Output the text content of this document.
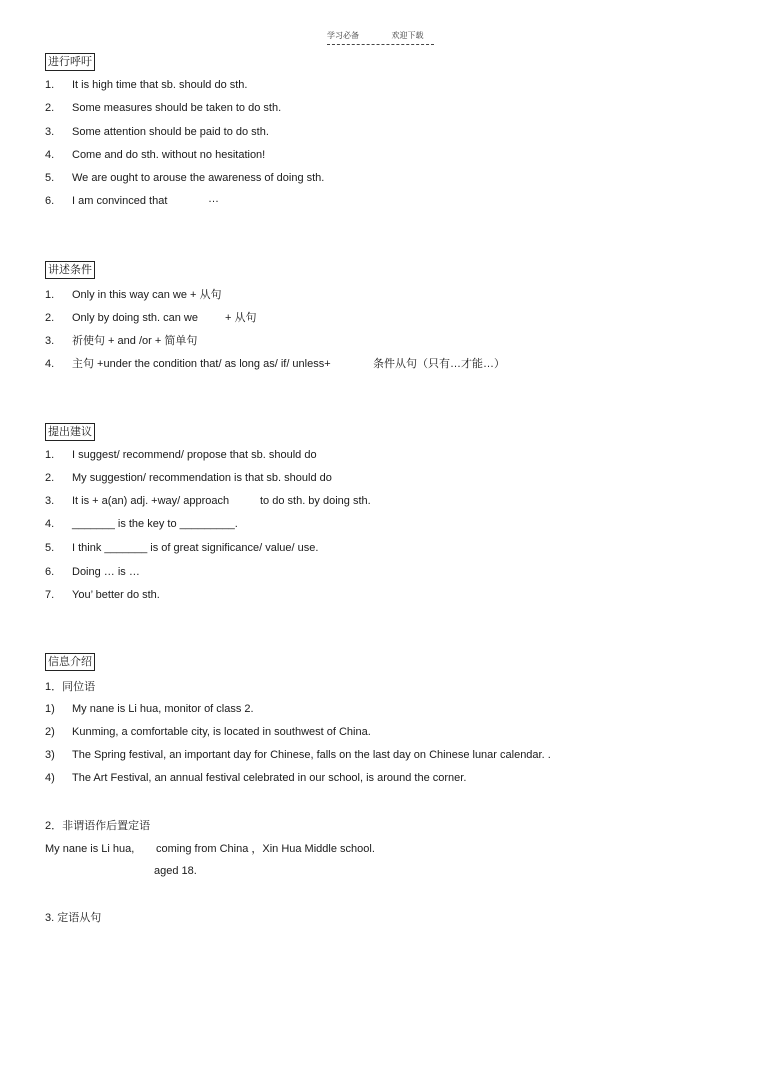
学习必备	欢迎下载
进行呼吁
1. It is high time that sb. should do sth.
2. Some measures should be taken to do sth.
3. Some attention should be paid to do sth.
4. Come and do sth. without no hesitation!
5. We are ought to arouse the awareness of doing sth.
6. I am convinced that	…
讲述条件
1. Only in this way can we + 从句
2. Only by doing sth. can we + 从句
3. 祈使句 + and /or + 简单句
4. 主句 +under the condition that/ as long as/ if/ unless+	条件从句（只有…才能…）
提出建议
1. I suggest/ recommend/ propose that sb. should do
2. My suggestion/ recommendation is that sb. should do
3. It is + a(an) adj. +way/ approach	to do sth. by doing sth.
4. _______ is the key to _________.
5. I think _______ is of great significance/ value/ use.
6. Doing … is …
7. You’ better do sth.
信息介绍
1．同位语
1) My nane is Li hua, monitor of class 2.
2) Kunming, a comfortable city, is located in southwest of China.
3) The Spring festival, an important day for Chinese, falls on the last day on Chinese lunar calendar. .
4) The Art Festival, an annual festival celebrated in our school, is around the corner.
2．非谓语作后置定语
My nane is Li hua, coming from China ，Xin Hua Middle school.
aged 18.
3. 定语从句
